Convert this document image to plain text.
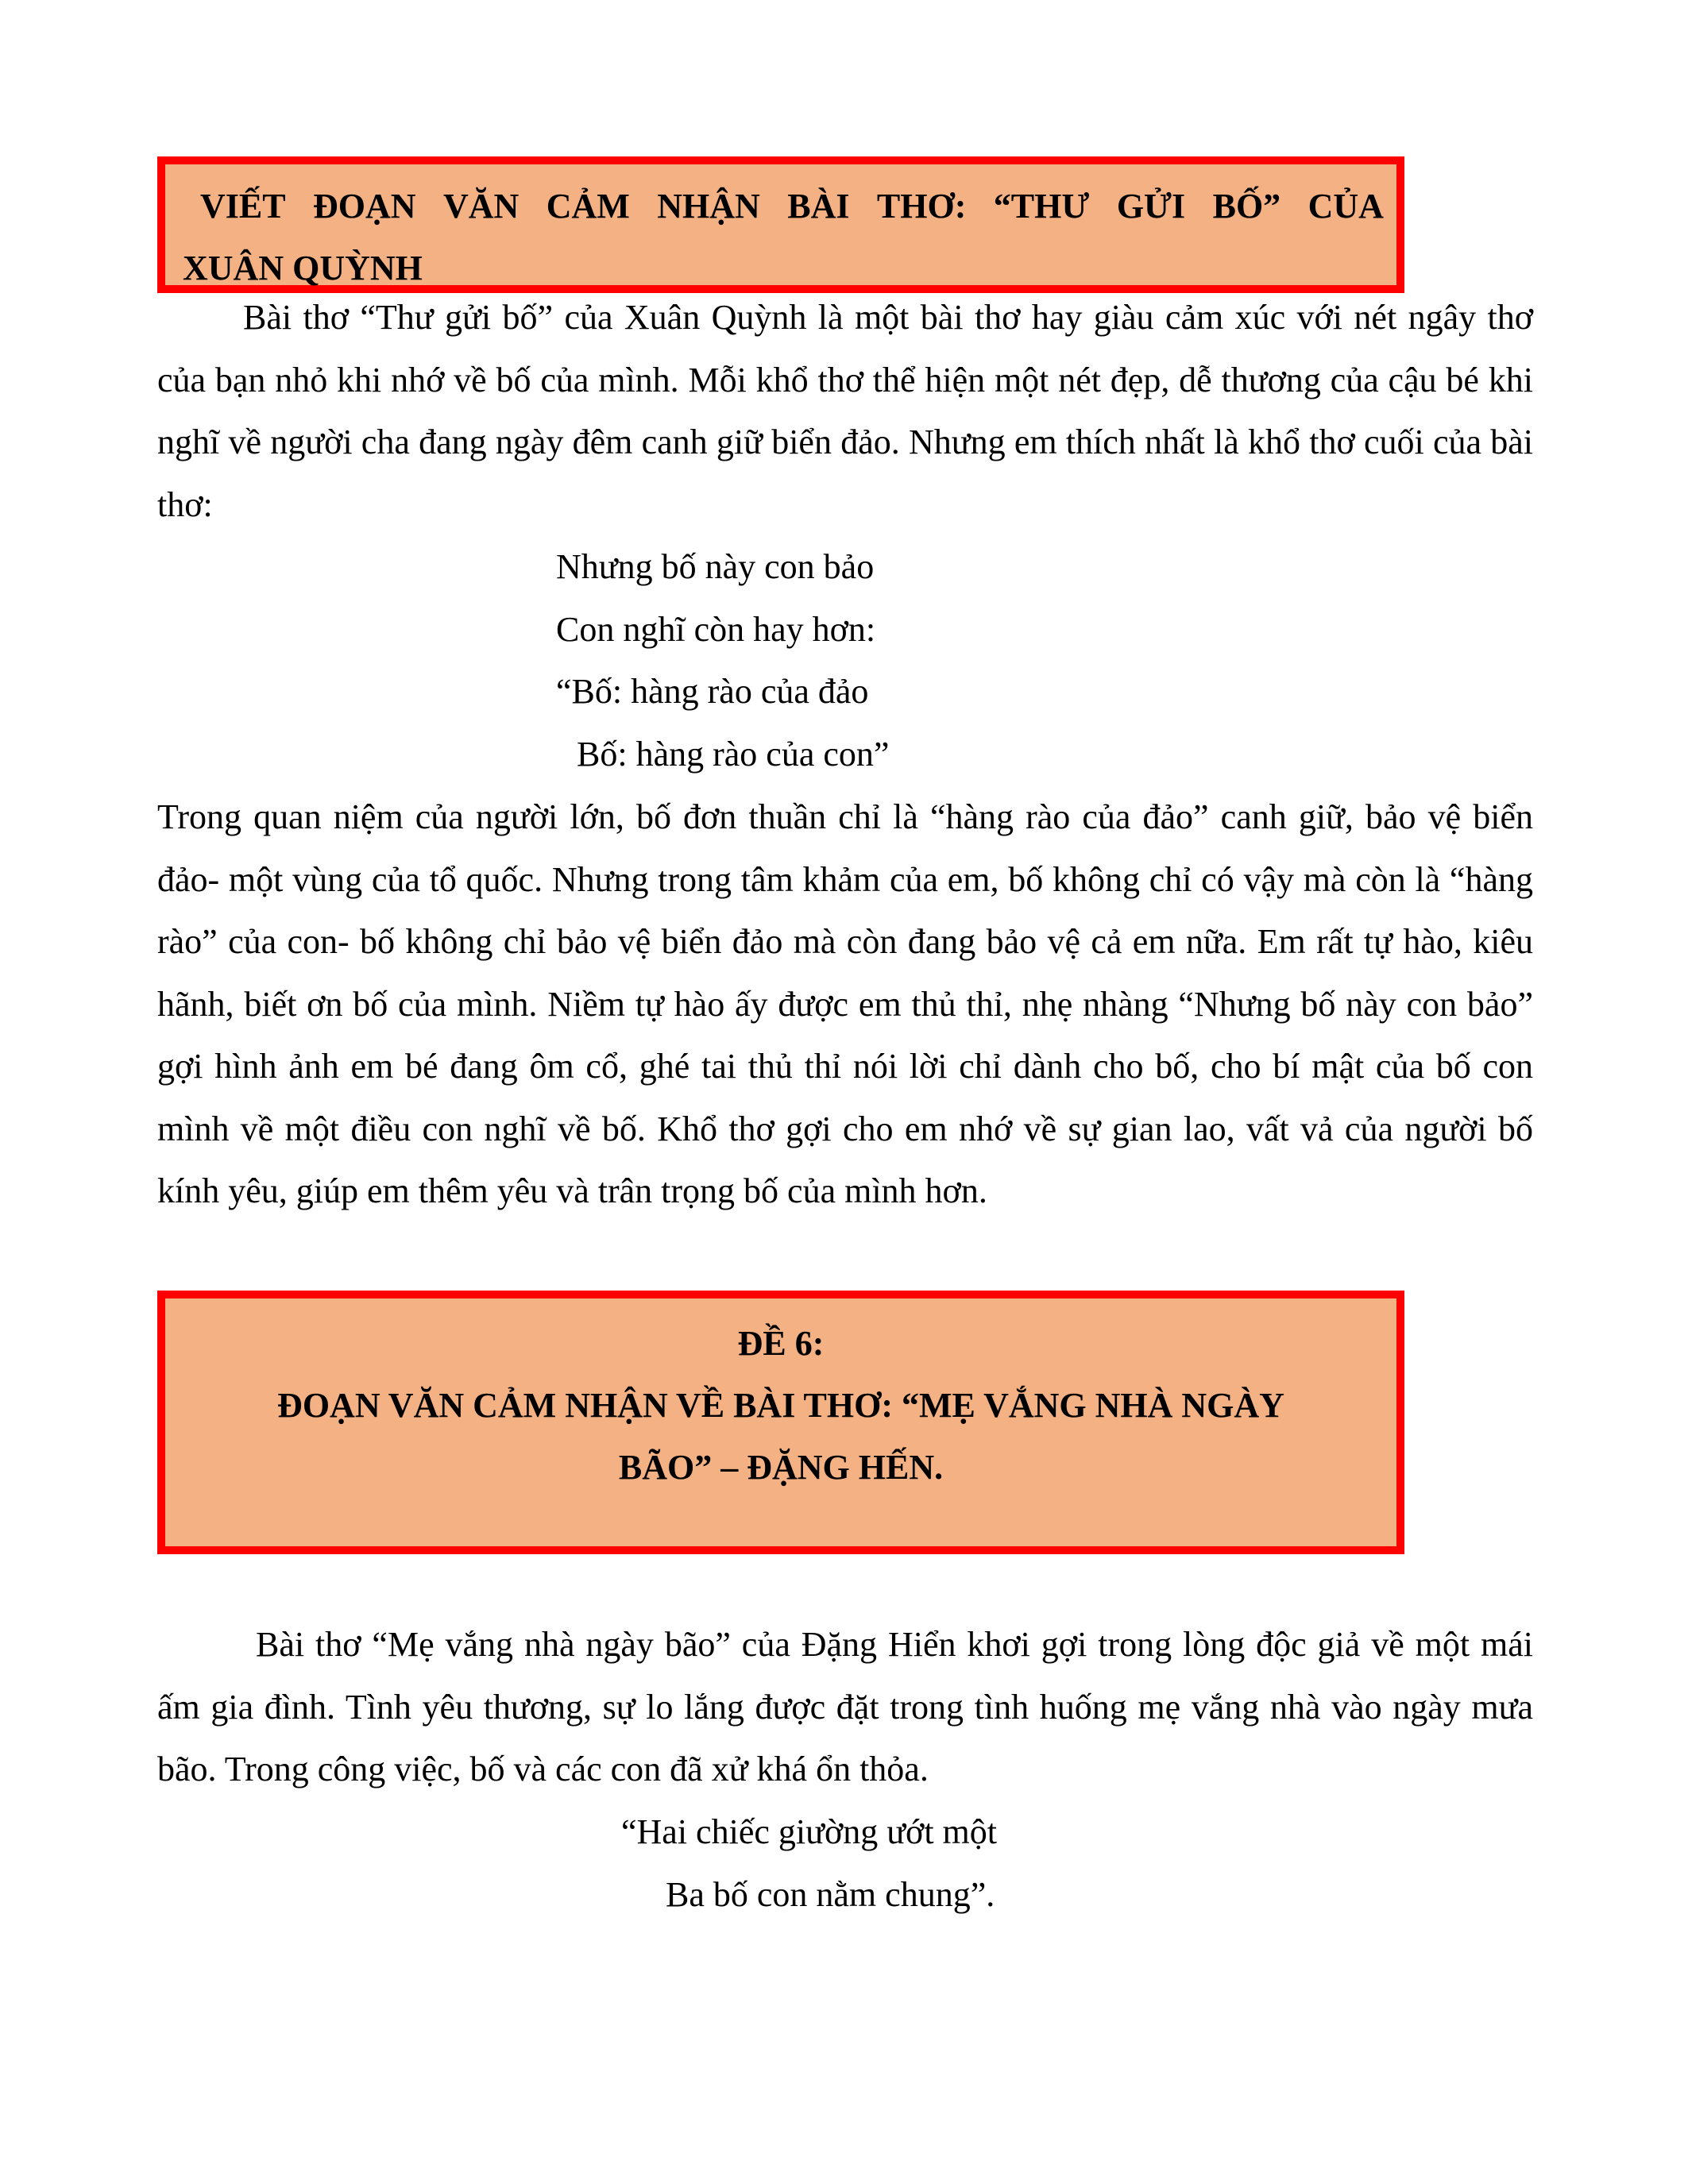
VIẾT ĐOẠN VĂN CẢM NHẬN BÀI THƠ: “THƯ GỬI BỐ” CỦA
XUÂN QUỲNH
Bài thơ “Thư gửi bố” của Xuân Quỳnh là một bài thơ hay giàu cảm xúc với nét ngây thơ của bạn nhỏ khi nhớ về bố của mình. Mỗi khổ thơ thể hiện một nét đẹp, dễ thương của cậu bé khi nghĩ về người cha đang ngày đêm canh giữ biển đảo. Nhưng em thích nhất là khổ thơ cuối của bài thơ:
Nhưng bố này con bảo
Con nghĩ còn hay hơn:
“Bố: hàng rào của đảo
Bố: hàng rào của con”
Trong quan niệm của người lớn, bố đơn thuần chỉ là “hàng rào của đảo” canh giữ, bảo vệ biển đảo- một vùng của tổ quốc. Nhưng trong tâm khảm của em, bố không chỉ có vậy mà còn là “hàng rào” của con- bố không chỉ bảo vệ biển đảo mà còn đang bảo vệ cả em nữa. Em rất tự hào, kiêu hãnh, biết ơn bố của mình. Niềm tự hào ấy được em thủ thỉ, nhẹ nhàng “Nhưng bố này con bảo” gợi hình ảnh em bé đang ôm cổ, ghé tai thủ thỉ nói lời chỉ dành cho bố, cho bí mật của bố con mình về một điều con nghĩ về bố. Khổ thơ gợi cho em nhớ về sự gian lao, vất vả của người bố kính yêu, giúp em thêm yêu và trân trọng bố của mình hơn.
ĐỀ 6:
ĐOẠN VĂN CẢM NHẬN VỀ BÀI THƠ: “MẸ VẮNG NHÀ NGÀY
BÃO” – ĐẶNG HẾN.
Bài thơ “Mẹ vắng nhà ngày bão” của Đặng Hiển khơi gợi trong lòng độc giả về một mái ấm gia đình. Tình yêu thương, sự lo lắng được đặt trong tình huống mẹ vắng nhà vào ngày mưa bão. Trong công việc, bố và các con đã xử khá ổn thỏa.
“Hai chiếc giường ướt một
Ba bố con nằm chung”.
